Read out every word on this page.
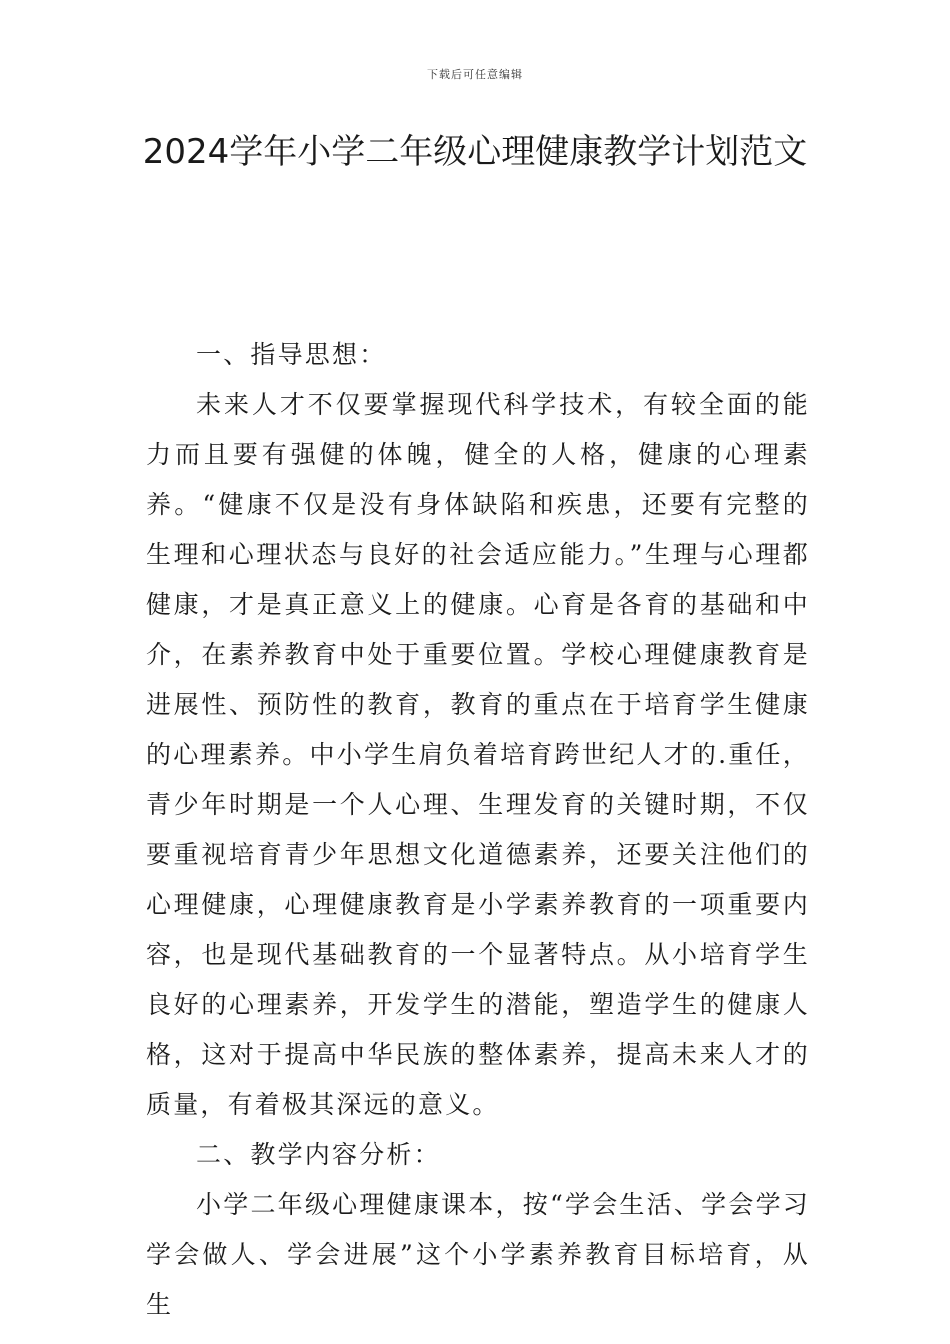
下载后可任意编辑
2024学年小学二年级心理健康教学计划范文

一、指导思想：

未来人才不仅要掌握现代科学技术，有较全面的能力而且要有强健的体魄，健全的人格，健康的心理素养。“健康不仅是没有身体缺陷和疾患，还要有完整的生理和心理状态与良好的社会适应能力。”生理与心理都健康，才是真正意义上的健康。心育是各育的基础和中介，在素养教育中处于重要位置。学校心理健康教育是进展性、预防性的教育，教育的重点在于培育学生健康的心理素养。中小学生肩负着培育跨世纪人才的.重任，青少年时期是一个人心理、生理发育的关键时期，不仅要重视培育青少年思想文化道德素养，还要关注他们的心理健康，心理健康教育是小学素养教育的一项重要内容，也是现代基础教育的一个显著特点。从小培育学生良好的心理素养，开发学生的潜能，塑造学生的健康人格，这对于提高中华民族的整体素养，提高未来人才的质量，有着极其深远的意义。

二、教学内容分析：

小学二年级心理健康课本，按“学会生活、学会学习学会做人、学会进展”这个小学素养教育目标培育，从生
